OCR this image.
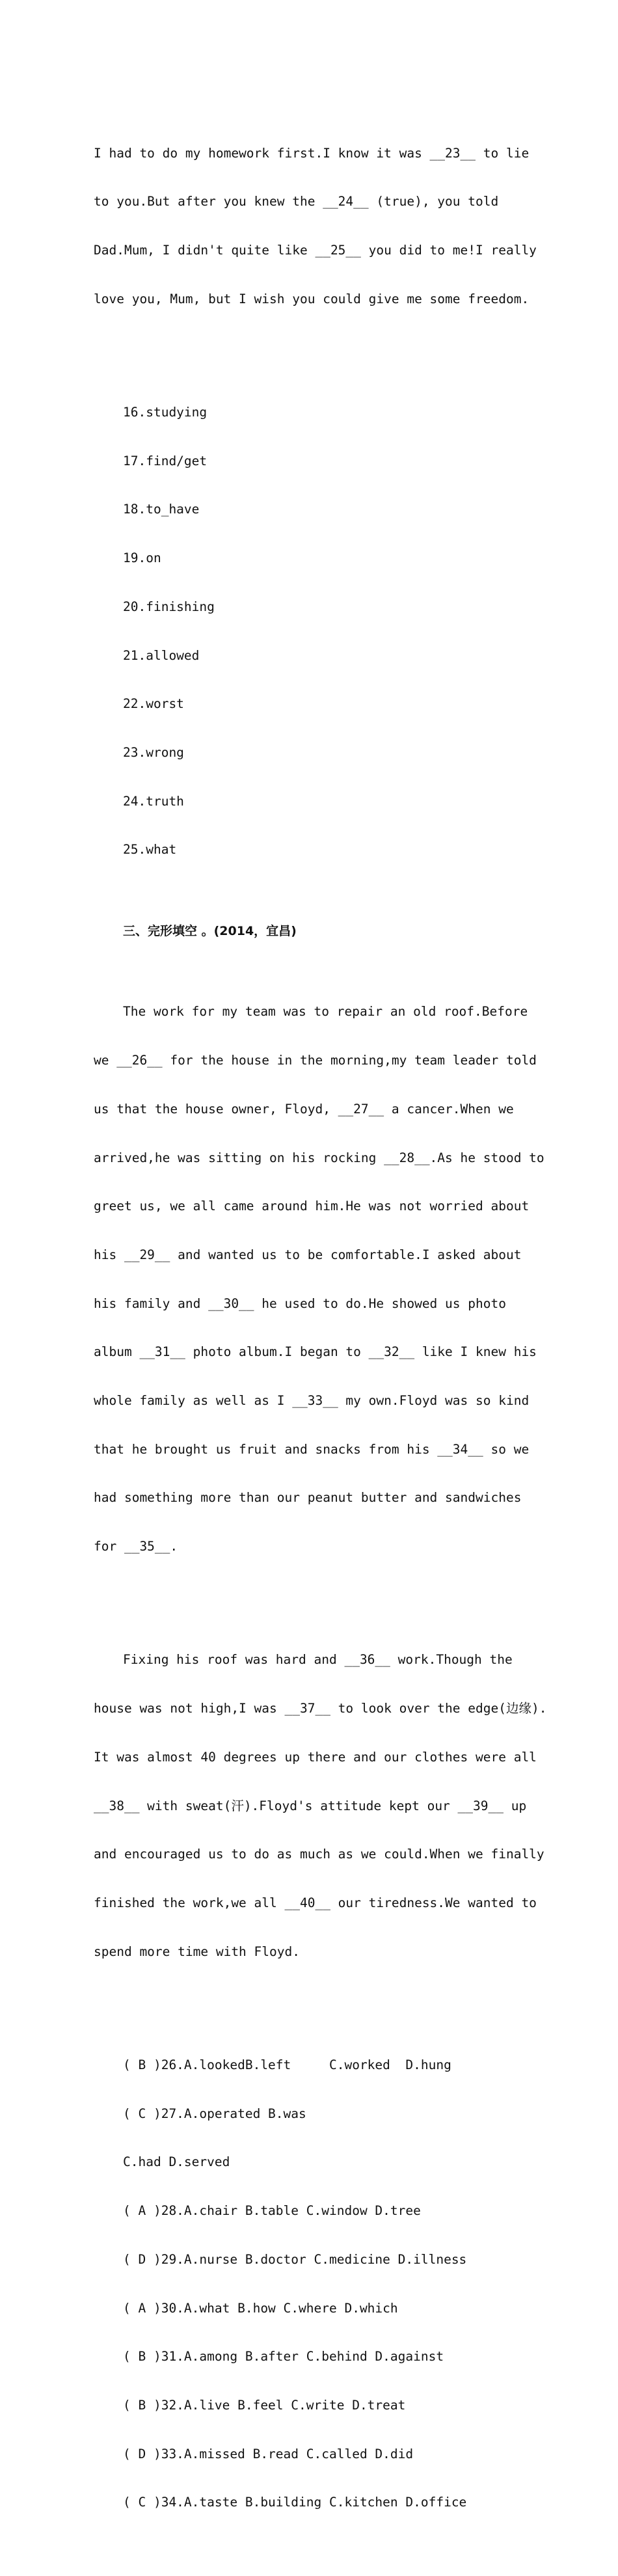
I had to do my homework first.I know it was __23__ to lie

to you.But after you knew the __24__ (true), you told

Dad.Mum, I didn't quite like __25__ you did to me!I really

love you, Mum, but I wish you could give me some freedom.

16.studying

17.find/get

18.to_have

19.on

20.finishing

21.allowed

22.worst

23.wrong

24.truth

25.what

三、完形填空 。(2014，宜昌)

The work for my team was to repair an old roof.Before

we __26__ for the house in the morning,my team leader told

us that the house owner, Floyd, __27__ a cancer.When we

arrived,he was sitting on his rocking __28__.As he stood to

greet us, we all came around him.He was not worried about

his __29__ and wanted us to be comfortable.I asked about

his family and __30__ he used to do.He showed us photo

album __31__ photo album.I began to __32__ like I knew his

whole family as well as I __33__ my own.Floyd was so kind

that he brought us fruit and snacks from his __34__ so we

had something more than our peanut butter and sandwiches

for __35__.

Fixing his roof was hard and __36__ work.Though the

house was not high,I was __37__ to look over the edge(边缘).

It was almost 40 degrees up there and our clothes were all

__38__ with sweat(汗).Floyd's attitude kept our __39__ up

and encouraged us to do as much as we could.When we finally

finished the work,we all __40__ our tiredness.We wanted to

spend more time with Floyd.

( B )26.A.lookedB.left     C.worked  D.hung

( C )27.A.operated B.was

C.had D.served

( A )28.A.chair B.table C.window D.tree

( D )29.A.nurse B.doctor C.medicine D.illness

( A )30.A.what B.how C.where D.which

( B )31.A.among B.after C.behind D.against

( B )32.A.live B.feel C.write D.treat

( D )33.A.missed B.read C.called D.did

( C )34.A.taste B.building C.kitchen D.office
